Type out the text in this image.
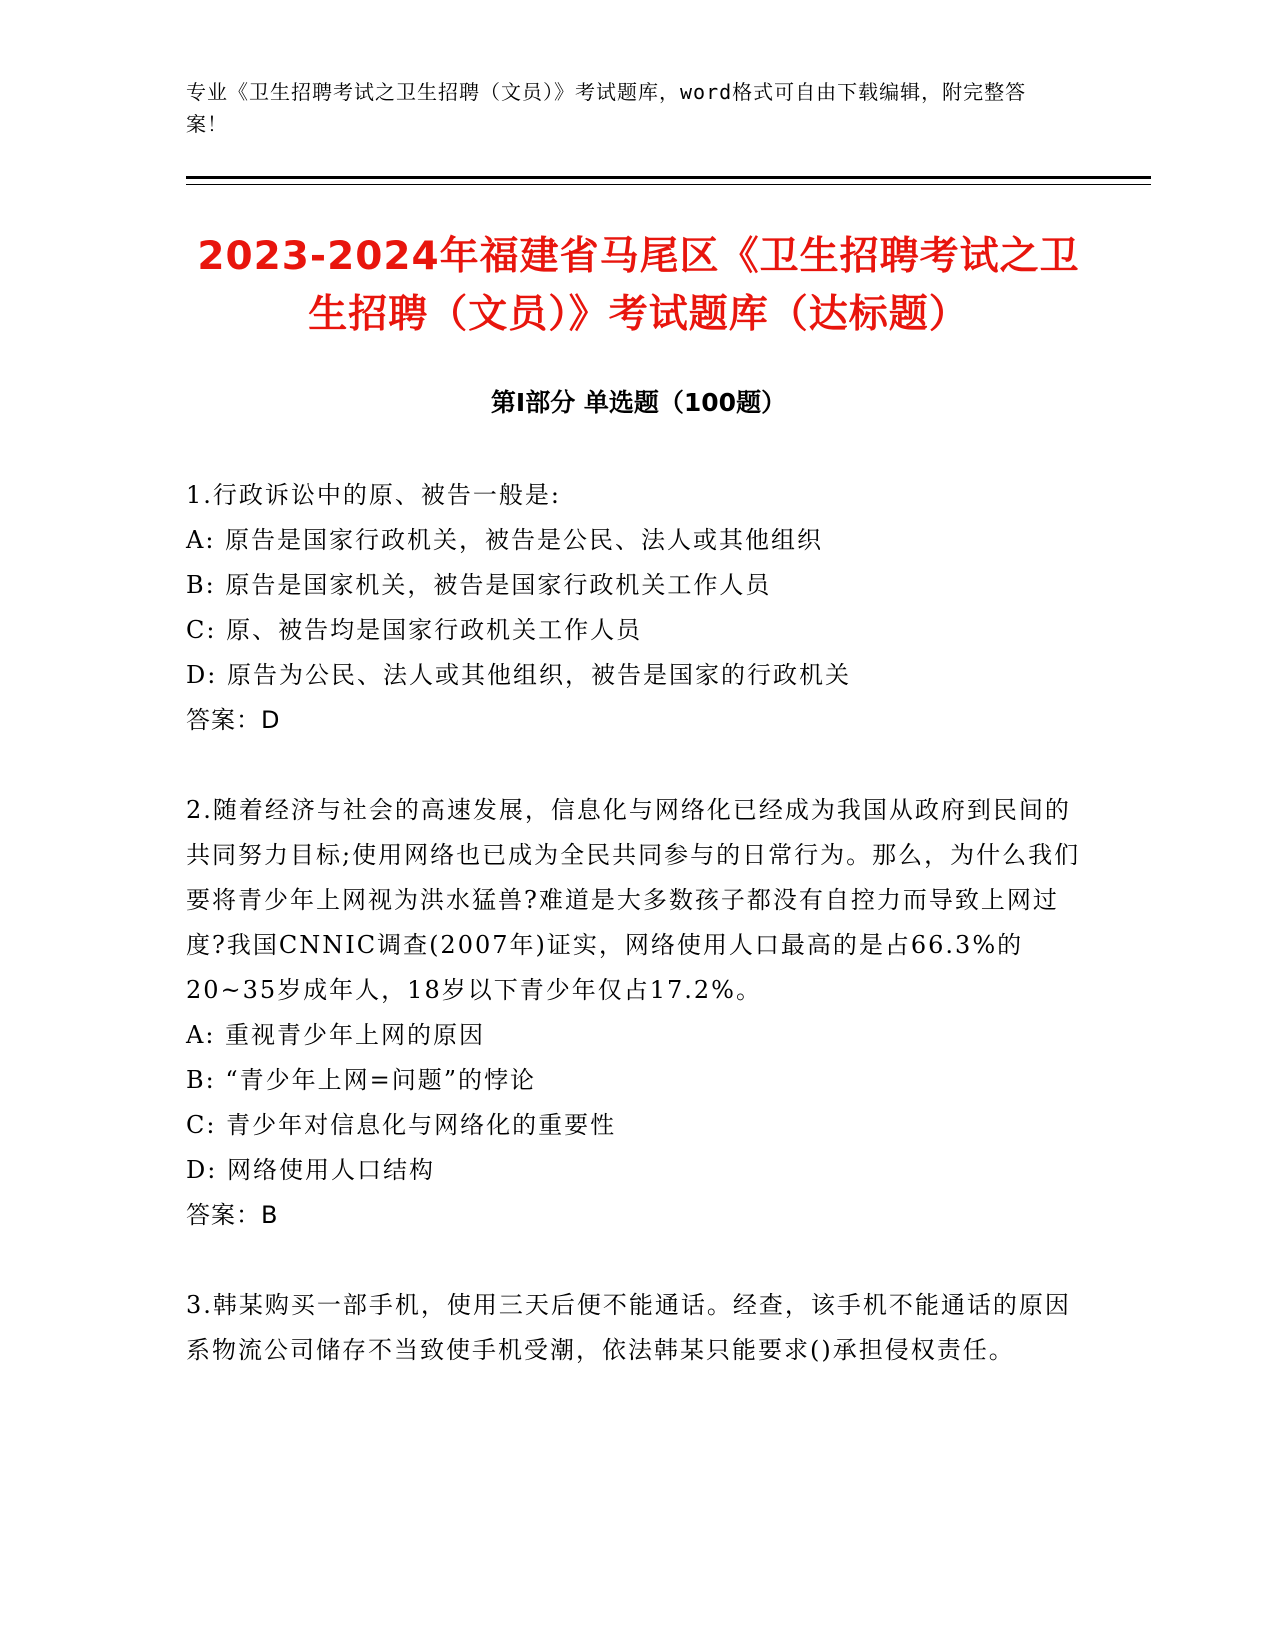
专业《卫生招聘考试之卫生招聘（文员）》考试题库，word格式可自由下载编辑，附完整答案！
2023-2024年福建省马尾区《卫生招聘考试之卫生招聘（文员）》考试题库（达标题）
第I部分 单选题（100题）
1.行政诉讼中的原、被告一般是:
A: 原告是国家行政机关，被告是公民、法人或其他组织
B: 原告是国家机关，被告是国家行政机关工作人员
C: 原、被告均是国家行政机关工作人员
D: 原告为公民、法人或其他组织，被告是国家的行政机关
答案：D
2.随着经济与社会的高速发展，信息化与网络化已经成为我国从政府到民间的共同努力目标;使用网络也已成为全民共同参与的日常行为。那么，为什么我们要将青少年上网视为洪水猛兽?难道是大多数孩子都没有自控力而导致上网过度?我国CNNIC调查(2007年)证实，网络使用人口最高的是占66.3%的20~35岁成年人，18岁以下青少年仅占17.2%。
A: 重视青少年上网的原因
B: “青少年上网=问题”的悖论
C: 青少年对信息化与网络化的重要性
D: 网络使用人口结构
答案：B
3.韩某购买一部手机，使用三天后便不能通话。经查，该手机不能通话的原因系物流公司储存不当致使手机受潮，依法韩某只能要求()承担侵权责任。
